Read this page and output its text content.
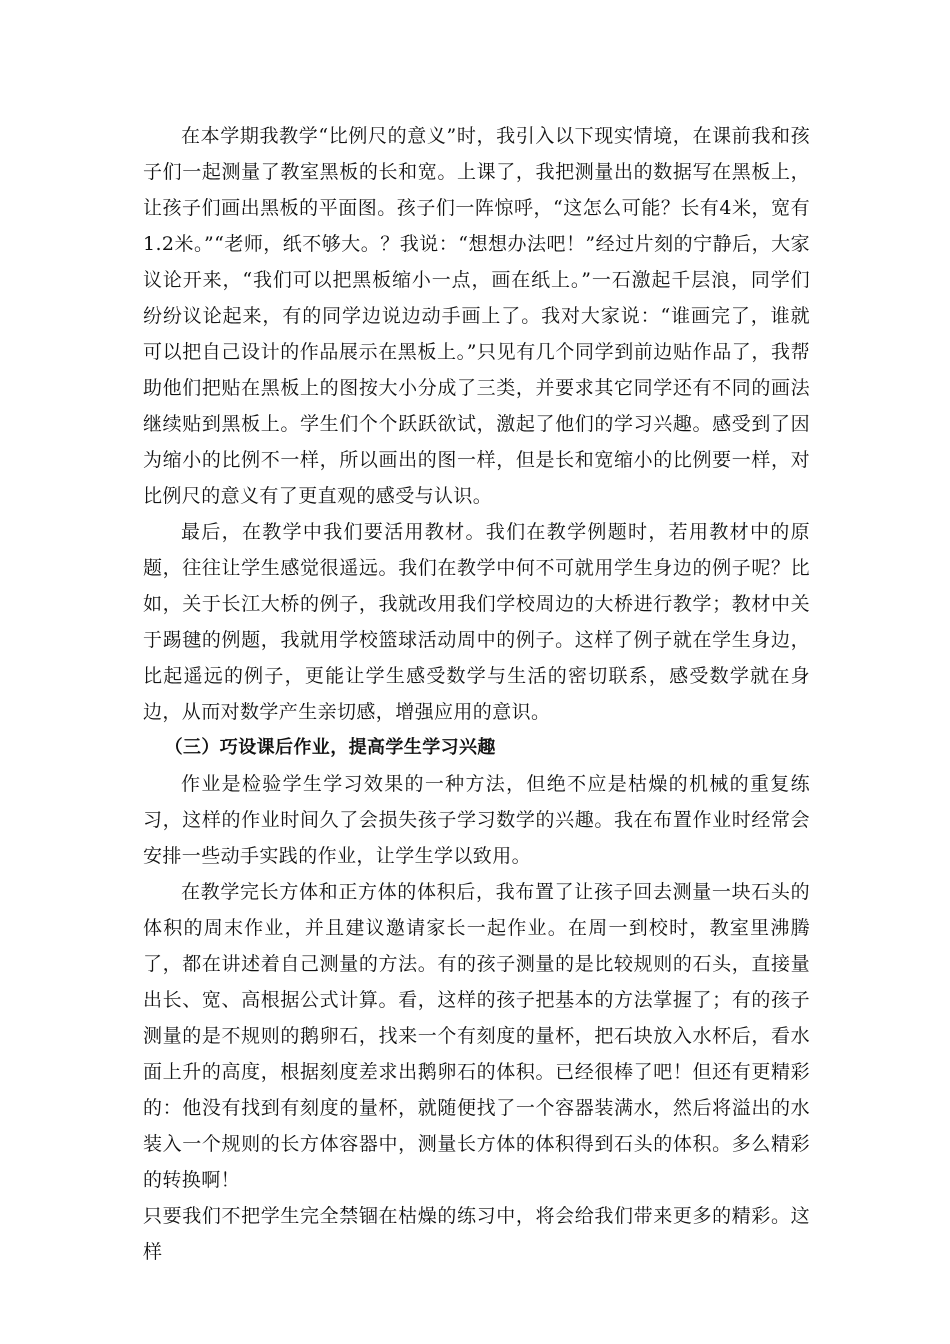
在本学期我教学“比例尺的意义”时，我引入以下现实情境，在课前我和孩子们一起测量了教室黑板的长和宽。上课了，我把测量出的数据写在黑板上，让孩子们画出黑板的平面图。孩子们一阵惊呼，“这怎么可能？长有4米，宽有1.2米。”“老师，纸不够大。？我说：“想想办法吧！”经过片刻的宁静后，大家议论开来，“我们可以把黑板缩小一点，画在纸上。”一石激起千层浪，同学们纷纷议论起来，有的同学边说边动手画上了。我对大家说：“谁画完了，谁就可以把自己设计的作品展示在黑板上。”只见有几个同学到前边贴作品了，我帮助他们把贴在黑板上的图按大小分成了三类，并要求其它同学还有不同的画法继续贴到黑板上。学生们个个跃跃欲试，激起了他们的学习兴趣。感受到了因为缩小的比例不一样，所以画出的图一样，但是长和宽缩小的比例要一样，对比例尺的意义有了更直观的感受与认识。

最后，在教学中我们要活用教材。我们在教学例题时，若用教材中的原题，往往让学生感觉很遥远。我们在教学中何不可就用学生身边的例子呢？比如，关于长江大桥的例子，我就改用我们学校周边的大桥进行教学；教材中关于踢毽的例题，我就用学校篮球活动周中的例子。这样了例子就在学生身边，比起遥远的例子，更能让学生感受数学与生活的密切联系，感受数学就在身边，从而对数学产生亲切感，增强应用的意识。

（三）巧设课后作业，提高学生学习兴趣

作业是检验学生学习效果的一种方法，但绝不应是枯燥的机械的重复练习，这样的作业时间久了会损失孩子学习数学的兴趣。我在布置作业时经常会安排一些动手实践的作业，让学生学以致用。

在教学完长方体和正方体的体积后，我布置了让孩子回去测量一块石头的体积的周末作业，并且建议邀请家长一起作业。在周一到校时，教室里沸腾了，都在讲述着自己测量的方法。有的孩子测量的是比较规则的石头，直接量出长、宽、高根据公式计算。看，这样的孩子把基本的方法掌握了；有的孩子测量的是不规则的鹅卵石，找来一个有刻度的量杯，把石块放入水杯后，看水面上升的高度，根据刻度差求出鹅卵石的体积。已经很棒了吧！但还有更精彩的：他没有找到有刻度的量杯，就随便找了一个容器装满水，然后将溢出的水装入一个规则的长方体容器中，测量长方体的体积得到石头的体积。多么精彩的转换啊！

只要我们不把学生完全禁锢在枯燥的练习中，将会给我们带来更多的精彩。这样
